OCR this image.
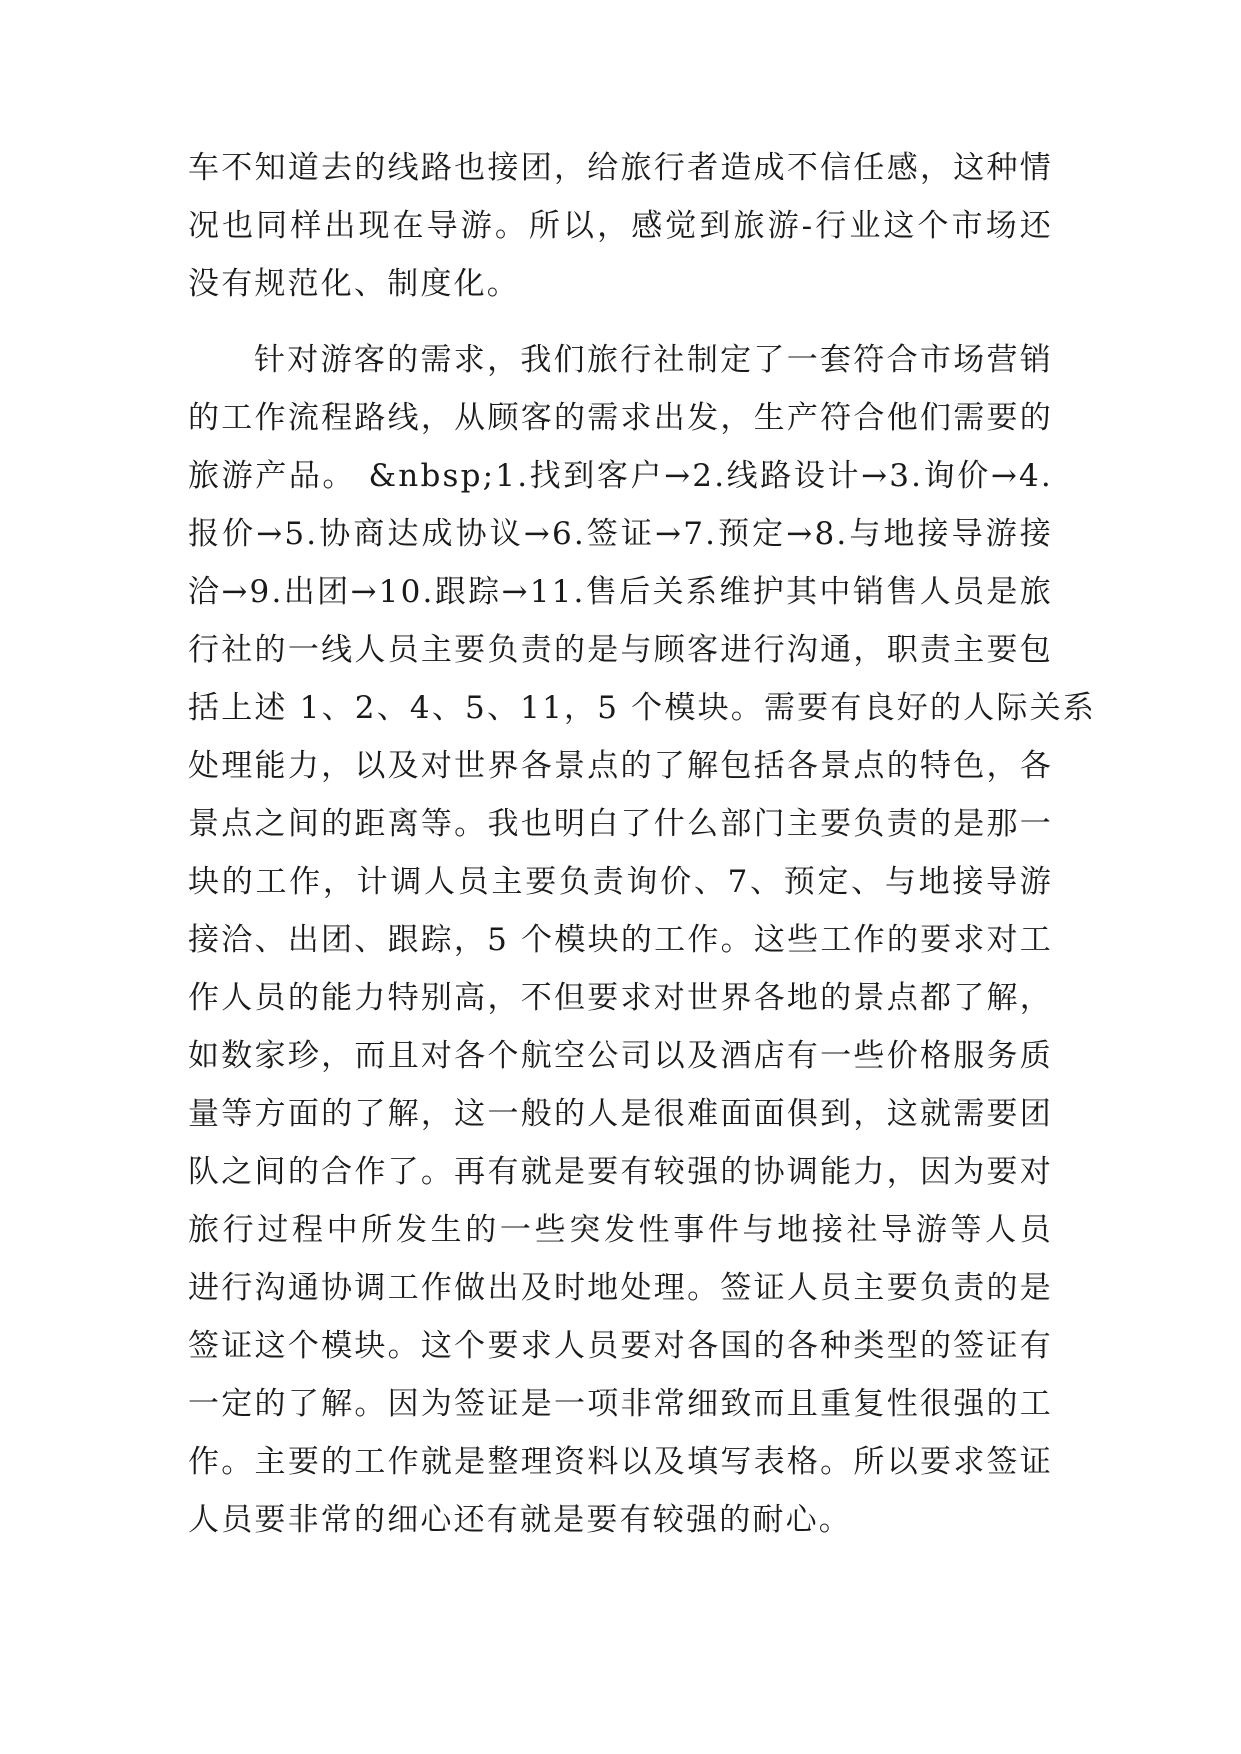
车不知道去的线路也接团，给旅行者造成不信任感，这种情
况也同样出现在导游。所以，感觉到旅游-行业这个市场还
没有规范化、制度化。
针对游客的需求，我们旅行社制定了一套符合市场营销
的工作流程路线，从顾客的需求出发，生产符合他们需要的
旅游产品。 &nbsp;1.找到客户→2.线路设计→3.询价→4.
报价→5.协商达成协议→6.签证→7.预定→8.与地接导游接
洽→9.出团→10.跟踪→11.售后关系维护其中销售人员是旅
行社的一线人员主要负责的是与顾客进行沟通，职责主要包
括上述 1、2、4、5、11，5 个模块。需要有良好的人际关系
处理能力，以及对世界各景点的了解包括各景点的特色，各
景点之间的距离等。我也明白了什么部门主要负责的是那一
块的工作，计调人员主要负责询价、7、预定、与地接导游
接洽、出团、跟踪，5 个模块的工作。这些工作的要求对工
作人员的能力特别高，不但要求对世界各地的景点都了解，
如数家珍，而且对各个航空公司以及酒店有一些价格服务质
量等方面的了解，这一般的人是很难面面俱到，这就需要团
队之间的合作了。再有就是要有较强的协调能力，因为要对
旅行过程中所发生的一些突发性事件与地接社导游等人员
进行沟通协调工作做出及时地处理。签证人员主要负责的是
签证这个模块。这个要求人员要对各国的各种类型的签证有
一定的了解。因为签证是一项非常细致而且重复性很强的工
作。主要的工作就是整理资料以及填写表格。所以要求签证
人员要非常的细心还有就是要有较强的耐心。
